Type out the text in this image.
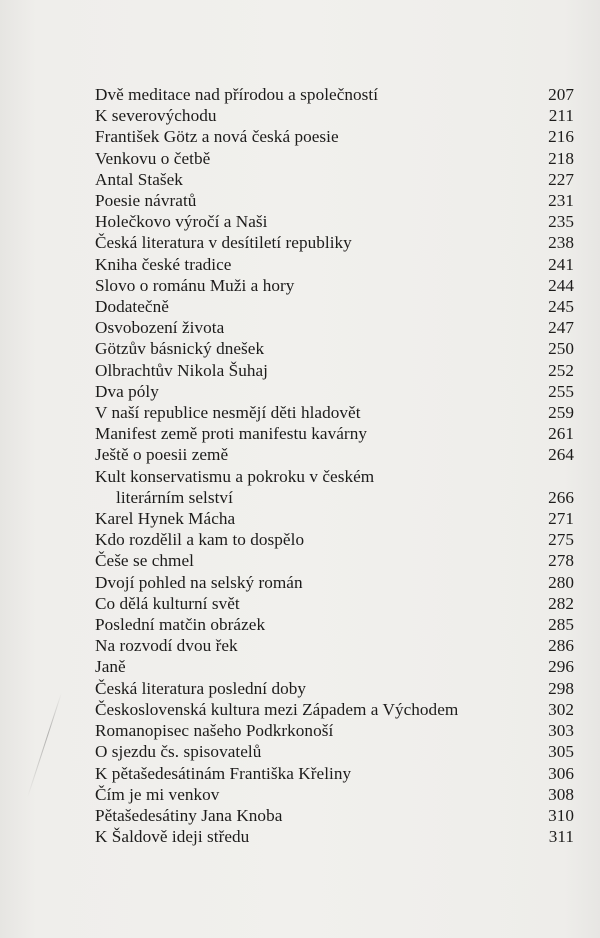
Dvě meditace nad přírodou a společností	207
K severovýchodu	211
František Götz a nová česká poesie	216
Venkovu o četbě	218
Antal Stašek	227
Poesie návratů	231
Holečkovo výročí a Naši	235
Česká literatura v desítiletí republiky	238
Kniha české tradice	241
Slovo o románu Muži a hory	244
Dodatečně	245
Osvobození života	247
Götzův básnický dnešek	250
Olbrachtův Nikola Šuhaj	252
Dva póly	255
V naší republice nesmějí děti hladovět	259
Manifest země proti manifestu kavárny	261
Ještě o poesii země	264
Kult konservatismu a pokroku v českém
literárním selství	266
Karel Hynek Mácha	271
Kdo rozdělil a kam to dospělo	275
Češe se chmel	278
Dvojí pohled na selský román	280
Co dělá kulturní svět	282
Poslední matčin obrázek	285
Na rozvodí dvou řek	286
Janě	296
Česká literatura poslední doby	298
Československá kultura mezi Západem a Východem	302
Romanopisec našeho Podkrkonoší	303
O sjezdu čs. spisovatelů	305
K pětašedesátinám Františka Křeliny	306
Čím je mi venkov	308
Pětašedesátiny Jana Knoba	310
K Šaldově ideji středu	311
